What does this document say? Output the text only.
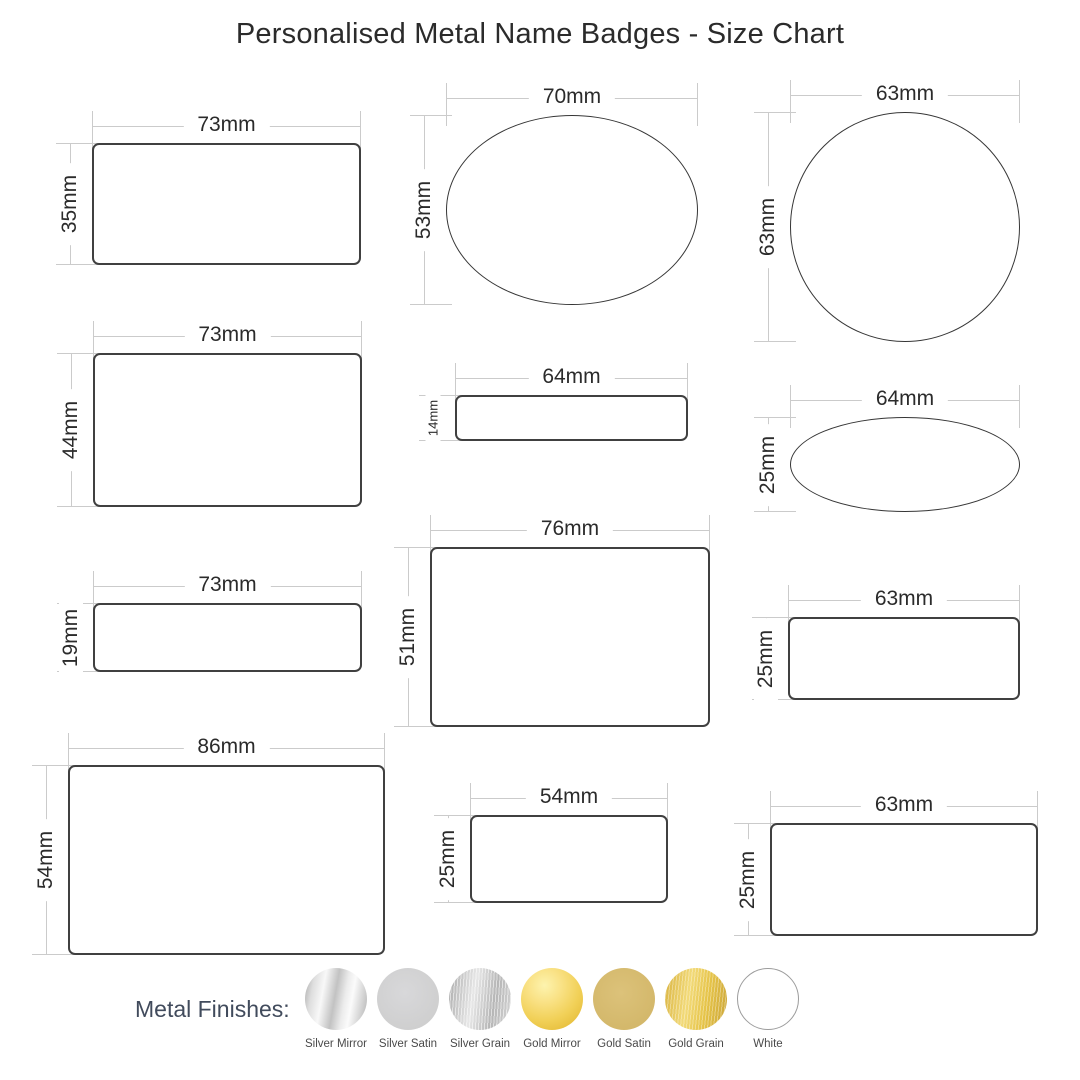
Personalised Metal Name Badges - Size Chart
73mm
35mm
70mm
53mm
63mm
63mm
73mm
44mm
64mm
14mm
64mm
25mm
73mm
19mm
76mm
51mm
63mm
25mm
86mm
54mm
54mm
25mm
63mm
25mm
Metal Finishes:
Silver Mirror Silver Satin Silver Grain Gold Mirror Gold Satin Gold Grain	White
